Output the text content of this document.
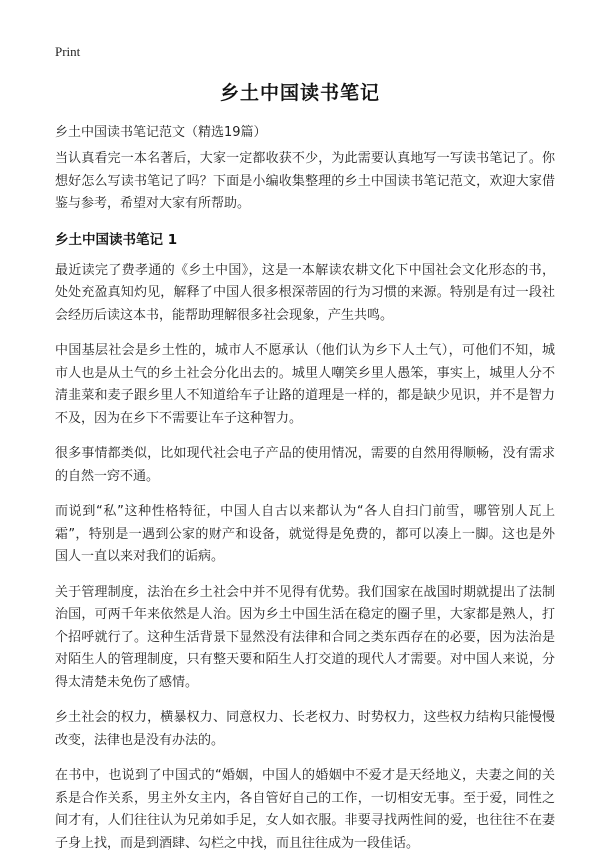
Print
乡土中国读书笔记
乡土中国读书笔记范文（精选19篇）

当认真看完一本名著后，大家一定都收获不少，为此需要认真地写一写读书笔记了。你想好怎么写读书笔记了吗？下面是小编收集整理的乡土中国读书笔记范文，欢迎大家借鉴与参考，希望对大家有所帮助。

乡土中国读书笔记 1

最近读完了费孝通的《乡土中国》，这是一本解读农耕文化下中国社会文化形态的书，处处充盈真知灼见，解释了中国人很多根深蒂固的行为习惯的来源。特别是有过一段社会经历后读这本书，能帮助理解很多社会现象，产生共鸣。

中国基层社会是乡土性的，城市人不愿承认（他们认为乡下人土气），可他们不知，城市人也是从土气的乡土社会分化出去的。城里人嘲笑乡里人愚笨，事实上，城里人分不清韭菜和麦子跟乡里人不知道给车子让路的道理是一样的，都是缺少见识，并不是智力不及，因为在乡下不需要让车子这种智力。

很多事情都类似，比如现代社会电子产品的使用情况，需要的自然用得顺畅，没有需求的自然一窍不通。

而说到“私”这种性格特征，中国人自古以来都认为“各人自扫门前雪，哪管别人瓦上霜”，特别是一遇到公家的财产和设备，就觉得是免费的，都可以凑上一脚。这也是外国人一直以来对我们的诟病。

关于管理制度，法治在乡土社会中并不见得有优势。我们国家在战国时期就提出了法制治国，可两千年来依然是人治。因为乡土中国生活在稳定的圈子里，大家都是熟人，打个招呼就行了。这种生活背景下显然没有法律和合同之类东西存在的必要，因为法治是对陌生人的管理制度，只有整天要和陌生人打交道的现代人才需要。对中国人来说，分得太清楚未免伤了感情。

乡土社会的权力，横暴权力、同意权力、长老权力、时势权力，这些权力结构只能慢慢改变，法律也是没有办法的。

在书中，也说到了中国式的“婚姻，中国人的婚姻中不爱才是天经地义，夫妻之间的关系是合作关系，男主外女主内，各自管好自己的工作，一切相安无事。至于爱，同性之间才有，人们往往认为兄弟如手足，女人如衣服。非要寻找两性间的爱，也往往不在妻子身上找，而是到酒肆、勾栏之中找，而且往往成为一段佳话。
